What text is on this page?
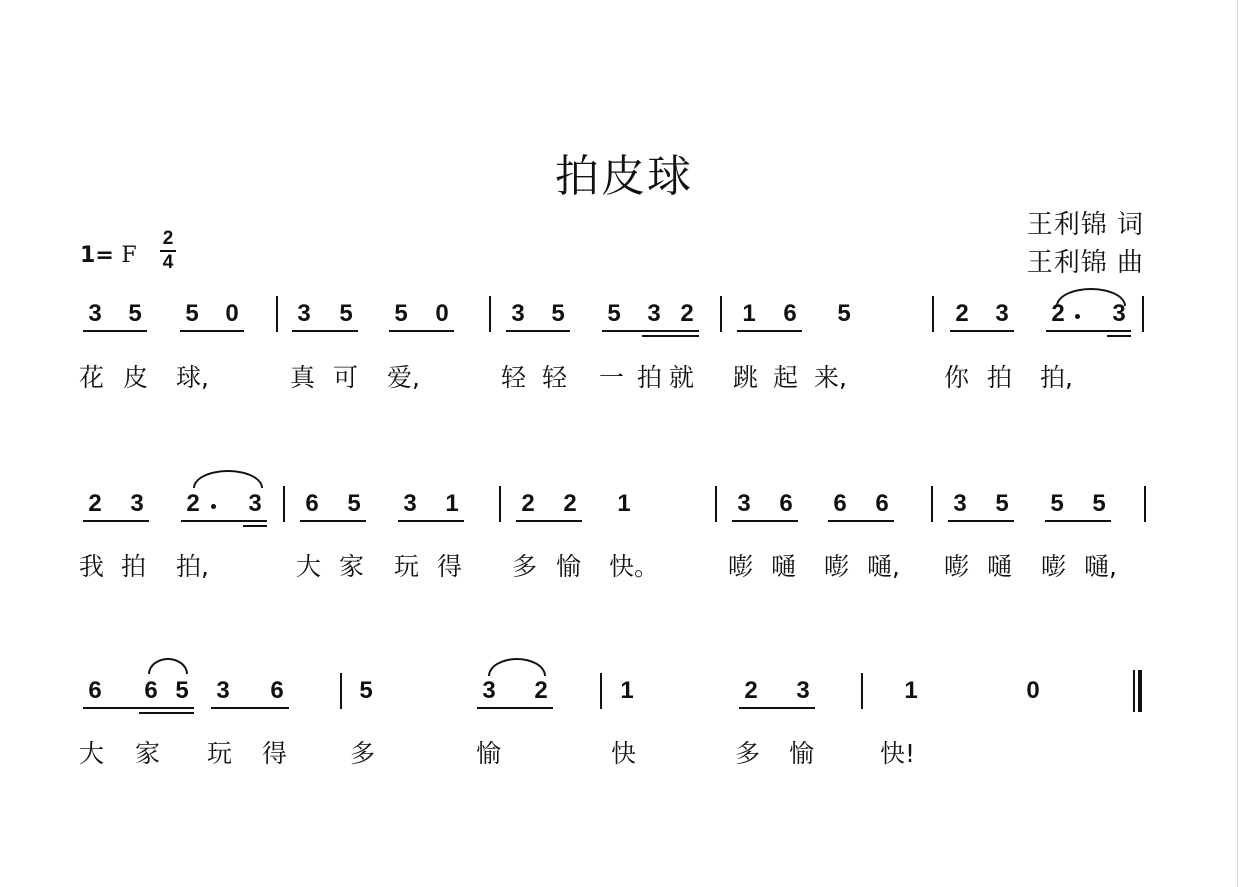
拍皮球
王利锦 词
王利锦 曲
1= F
2
4
3 5 5 0 3 5 5 0	3 5 5 3 2 1 6 5	2 3 2 3
花 皮 球,	真 可 爱,	轻 轻 一 拍 就 跳 起 来,	你 拍 拍,
2 3 2 3 6 5 3 1	2 2 1	3 6 6 6	3 5 5 5
我 拍 拍,	大 家 玩 得 多 愉 快。	嘭 嗵 嘭 嗵, 嘭 嗵 嘭 嗵,
6 6 5 3 6	5	3 2	1	2 3	1	0
大 家 玩 得	多	愉	快	多 愉	快!
